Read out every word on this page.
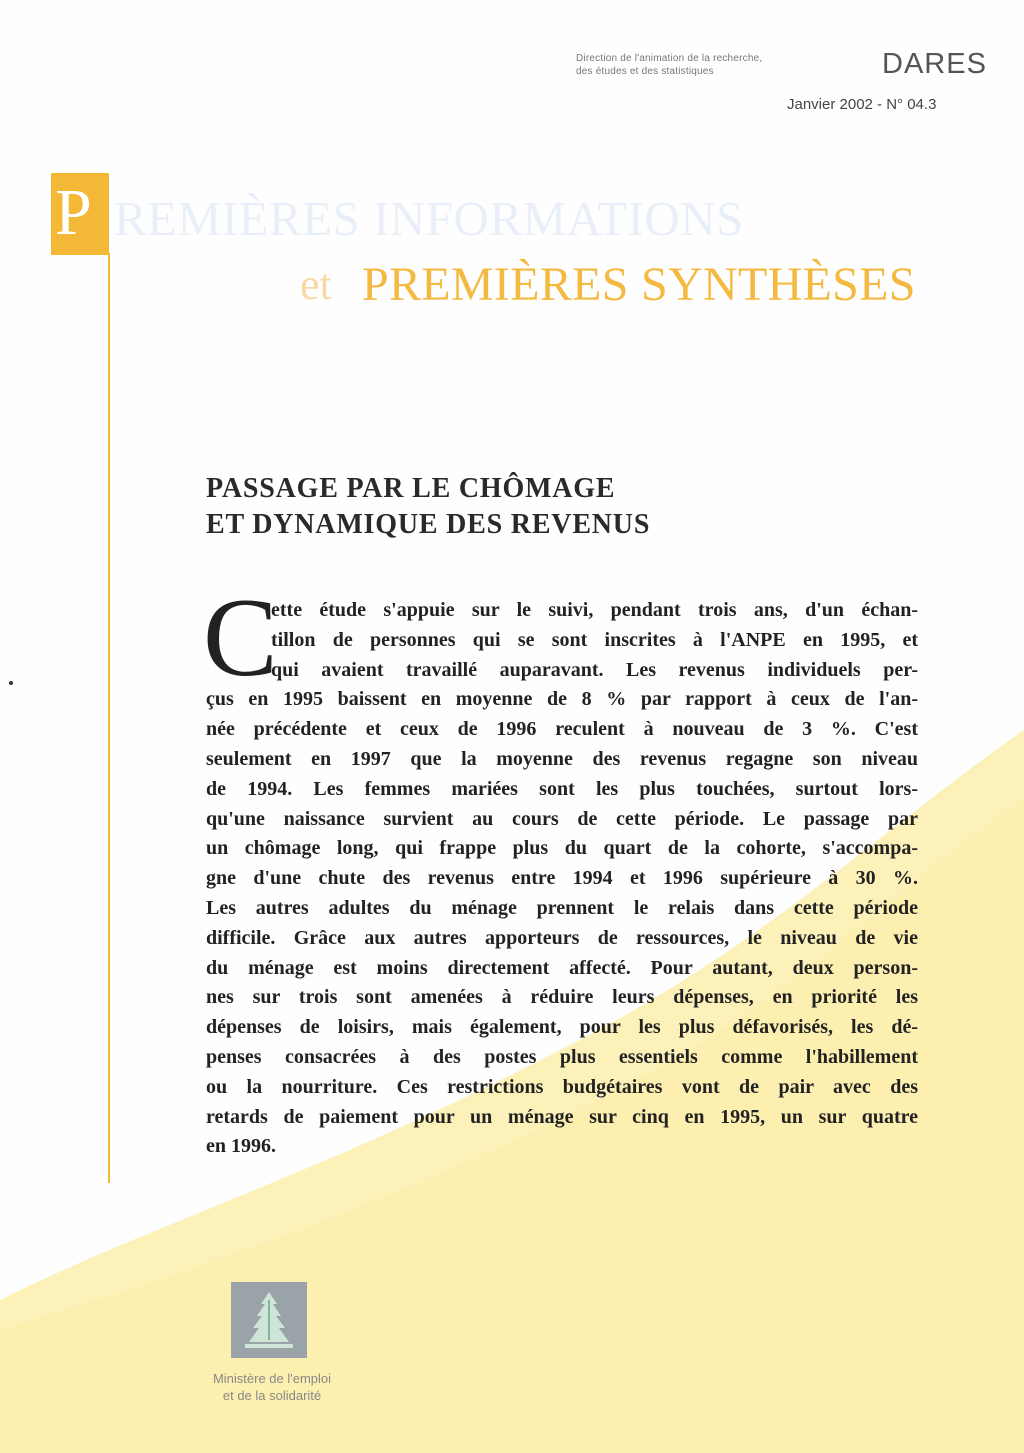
Direction de l'animation de la recherche,
des études et des statistiques	DARES
Janvier 2002 - N° 04.3
P REMIÈRES INFORMATIONS
et PREMIÈRES SYNTHÈSES
PASSAGE PAR LE CHÔMAGE
ET DYNAMIQUE DES REVENUS
C
ette étude s'appuie sur le suivi, pendant trois ans, d'un échan-
tillon de personnes qui se sont inscrites à l'ANPE en 1995, et
qui avaient travaillé auparavant. Les revenus individuels per-
çus en 1995 baissent en moyenne de 8 % par rapport à ceux de l'an-
née précédente et ceux de 1996 reculent à nouveau de 3 %. C'est
seulement en 1997 que la moyenne des revenus regagne son niveau
de 1994. Les femmes mariées sont les plus touchées, surtout lors-
qu'une naissance survient au cours de cette période. Le passage par
un chômage long, qui frappe plus du quart de la cohorte, s'accompa-
gne d'une chute des revenus entre 1994 et 1996 supérieure à 30 %.
Les autres adultes du ménage prennent le relais dans cette période
difficile. Grâce aux autres apporteurs de ressources, le niveau de vie
du ménage est moins directement affecté. Pour autant, deux person-
nes sur trois sont amenées à réduire leurs dépenses, en priorité les
dépenses de loisirs, mais également, pour les plus défavorisés, les dé-
penses consacrées à des postes plus essentiels comme l'habillement
ou la nourriture. Ces restrictions budgétaires vont de pair avec des
retards de paiement pour un ménage sur cinq en 1995, un sur quatre
en 1996.
Ministère de l'emploi
et de la solidarité
